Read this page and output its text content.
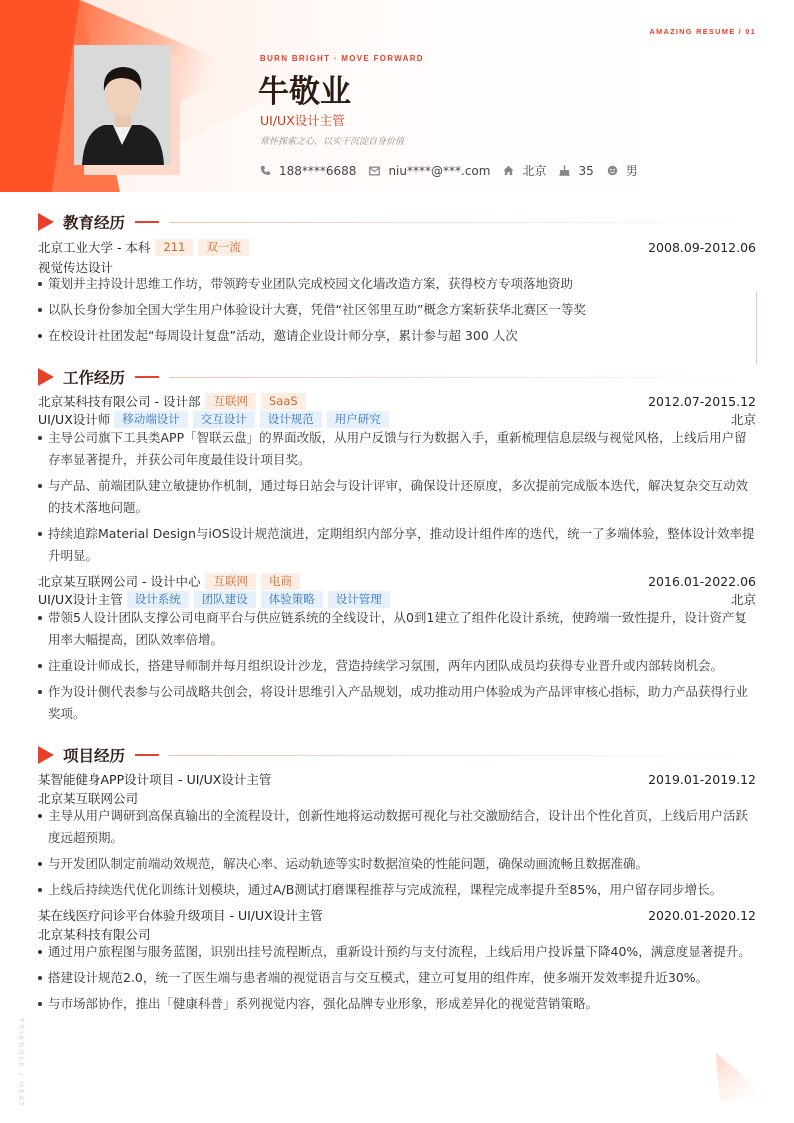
TRIANGLE / HEAT
AMAZING RESUME / 01
BURN BRIGHT · MOVE FORWARD
牛敬业
UI/UX设计主管
常怀探索之心，以实干沉淀自身价值
188****6688	niu****@***.com	北京	35	男
教育经历
北京工业大学 - 本科	211	双一流	2008.09-2012.06
视觉传达设计
策划并主持设计思维工作坊，带领跨专业团队完成校园文化墙改造方案，获得校方专项落地资助
以队长身份参加全国大学生用户体验设计大赛，凭借“社区邻里互助”概念方案斩获华北赛区一等奖
在校设计社团发起“每周设计复盘”活动，邀请企业设计师分享，累计参与超 300 人次
工作经历
北京某科技有限公司 - 设计部	互联网	SaaS	2012.07-2015.12
UI/UX设计师	移动端设计	交互设计	设计规范	用户研究	北京
主导公司旗下工具类APP「智联云盘」的界面改版，从用户反馈与行为数据入手，重新梳理信息层级与视觉风格，上线后用户留存率显著提升，并获公司年度最佳设计项目奖。
与产品、前端团队建立敏捷协作机制，通过每日站会与设计评审，确保设计还原度，多次提前完成版本迭代，解决复杂交互动效的技术落地问题。
持续追踪Material Design与iOS设计规范演进，定期组织内部分享，推动设计组件库的迭代，统一了多端体验，整体设计效率提升明显。
北京某互联网公司 - 设计中心	互联网	电商	2016.01-2022.06
UI/UX设计主管	设计系统	团队建设	体验策略	设计管理	北京
带领5人设计团队支撑公司电商平台与供应链系统的全线设计，从0到1建立了组件化设计系统，使跨端一致性提升，设计资产复用率大幅提高，团队效率倍增。
注重设计师成长，搭建导师制并每月组织设计沙龙，营造持续学习氛围，两年内团队成员均获得专业晋升或内部转岗机会。
作为设计侧代表参与公司战略共创会，将设计思维引入产品规划，成功推动用户体验成为产品评审核心指标，助力产品获得行业奖项。
项目经历
某智能健身APP设计项目 - UI/UX设计主管	2019.01-2019.12
北京某互联网公司
主导从用户调研到高保真输出的全流程设计，创新性地将运动数据可视化与社交激励结合，设计出个性化首页，上线后用户活跃度远超预期。
与开发团队制定前端动效规范，解决心率、运动轨迹等实时数据渲染的性能问题，确保动画流畅且数据准确。
上线后持续迭代优化训练计划模块，通过A/B测试打磨课程推荐与完成流程，课程完成率提升至85%，用户留存同步增长。
某在线医疗问诊平台体验升级项目 - UI/UX设计主管	2020.01-2020.12
北京某科技有限公司
通过用户旅程图与服务蓝图，识别出挂号流程断点，重新设计预约与支付流程，上线后用户投诉量下降40%，满意度显著提升。
搭建设计规范2.0，统一了医生端与患者端的视觉语言与交互模式，建立可复用的组件库，使多端开发效率提升近30%。
与市场部协作，推出「健康科普」系列视觉内容，强化品牌专业形象，形成差异化的视觉营销策略。
